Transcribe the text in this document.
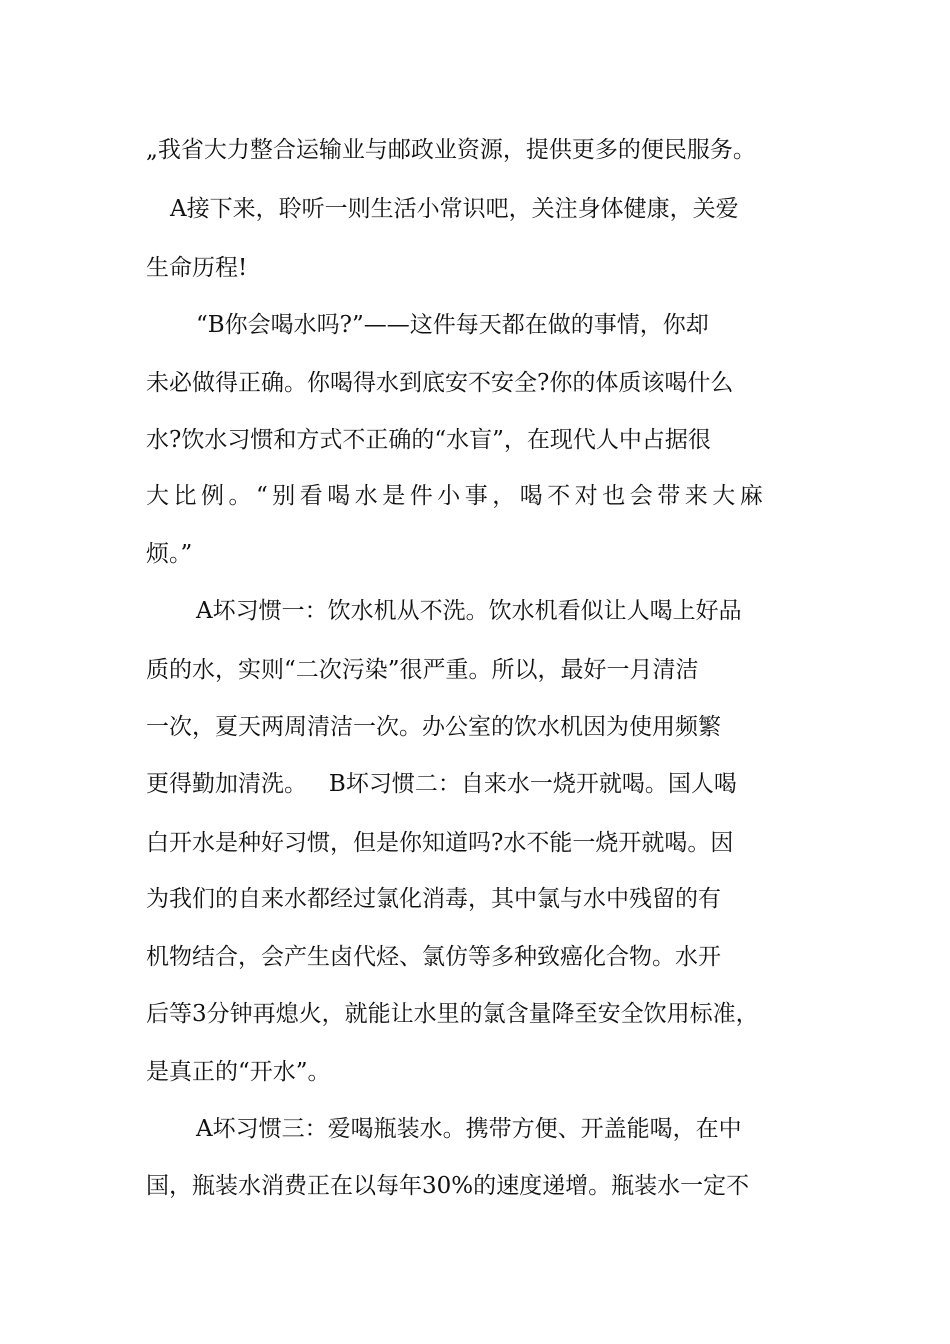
„我省大力整合运输业与邮政业资源，提供更多的便民服务。
A接下来，聆听一则生活小常识吧，关注身体健康，关爱
生命历程!
“B你会喝水吗?”——这件每天都在做的事情，你却
未必做得正确。你喝得水到底安不安全?你的体质该喝什么
水?饮水习惯和方式不正确的“水盲”，在现代人中占据很
大比例。“别看喝水是件小事，喝不对也会带来大麻
烦。”
A坏习惯一：饮水机从不洗。饮水机看似让人喝上好品
质的水，实则“二次污染”很严重。所以，最好一月清洁
一次，夏天两周清洁一次。办公室的饮水机因为使用频繁
更得勤加清洗。   B坏习惯二：自来水一烧开就喝。国人喝
白开水是种好习惯，但是你知道吗?水不能一烧开就喝。因
为我们的自来水都经过氯化消毒，其中氯与水中残留的有
机物结合，会产生卤代烃、氯仿等多种致癌化合物。水开
后等3分钟再熄火，就能让水里的氯含量降至安全饮用标准，
是真正的“开水”。
A坏习惯三：爱喝瓶装水。携带方便、开盖能喝，在中
国，瓶装水消费正在以每年30%的速度递增。瓶装水一定不
